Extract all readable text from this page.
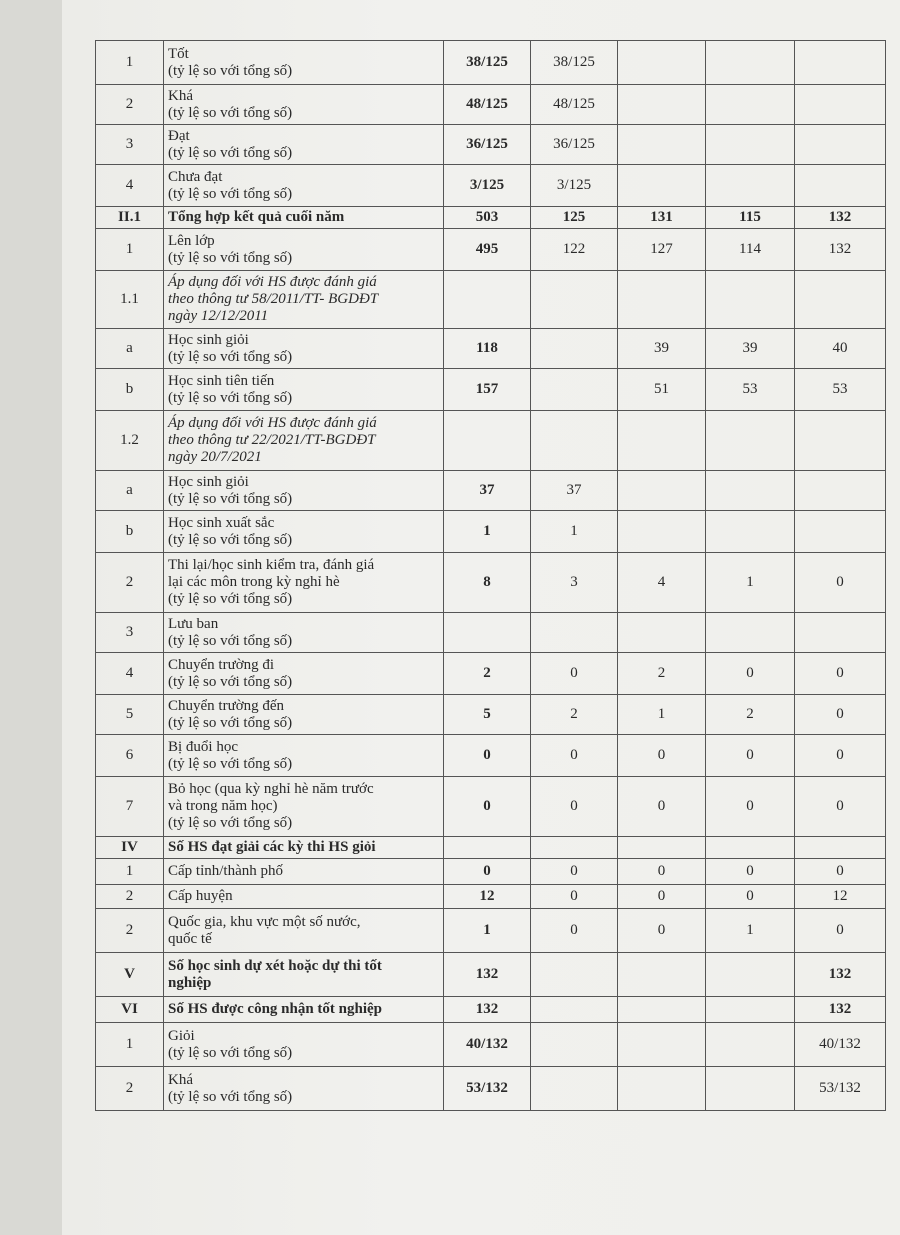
1	Tốt
(tỷ lệ so với tổng số)	38/125	38/125			
2	Khá
(tỷ lệ so với tổng số)	48/125	48/125			
3	Đạt
(tỷ lệ so với tổng số)	36/125	36/125			
4	Chưa đạt
(tỷ lệ so với tổng số)	3/125	3/125			
II.1	Tổng hợp kết quả cuối năm	503	125	131	115	132
1	Lên lớp
(tỷ lệ so với tổng số)	495	122	127	114	132
1.1	Áp dụng đối với HS được đánh giá
theo thông tư 58/2011/TT- BGDĐT
ngày 12/12/2011					

a	Học sinh giỏi
(tỷ lệ so với tổng số)	118		39	39	40
b	Học sinh tiên tiến
(tỷ lệ so với tổng số)	157		51	53	53
1.2	Áp dụng đối với HS được đánh giá
theo thông tư 22/2021/TT-BGDĐT
ngày 20/7/2021					

a	Học sinh giỏi
(tỷ lệ so với tổng số)	37	37			
b	Học sinh xuất sắc
(tỷ lệ so với tổng số)	1	1			
2	Thi lại/học sinh kiểm tra, đánh giá
lại các môn trong kỳ nghỉ hè
(tỷ lệ so với tổng số)	8	3	4	1	0
3	Lưu ban
(tỷ lệ so với tổng số)					

4	Chuyển trường đi
(tỷ lệ so với tổng số)	2	0	2	0	0
5	Chuyển trường đến
(tỷ lệ so với tổng số)	5	2	1	2	0
6	Bị đuổi học
(tỷ lệ so với tổng số)	0	0	0	0	0
7	Bỏ học (qua kỳ nghỉ hè năm trước
và trong năm học)
(tỷ lệ so với tổng số)	0	0	0	0	0
IV	Số HS đạt giải các kỳ thi HS giỏi					

1	Cấp tỉnh/thành phố	0	0	0	0	0
2	Cấp huyện	12	0	0	0	12
2	Quốc gia, khu vực một số nước,
quốc tế	1	0	0	1	0
V	Số học sinh dự xét hoặc dự thi tốt
nghiệp	132				132
VI	Số HS được công nhận tốt nghiệp	132				132
1	Giỏi
(tỷ lệ so với tổng số)	40/132				40/132
2	Khá
(tỷ lệ so với tổng số)	53/132				53/132
